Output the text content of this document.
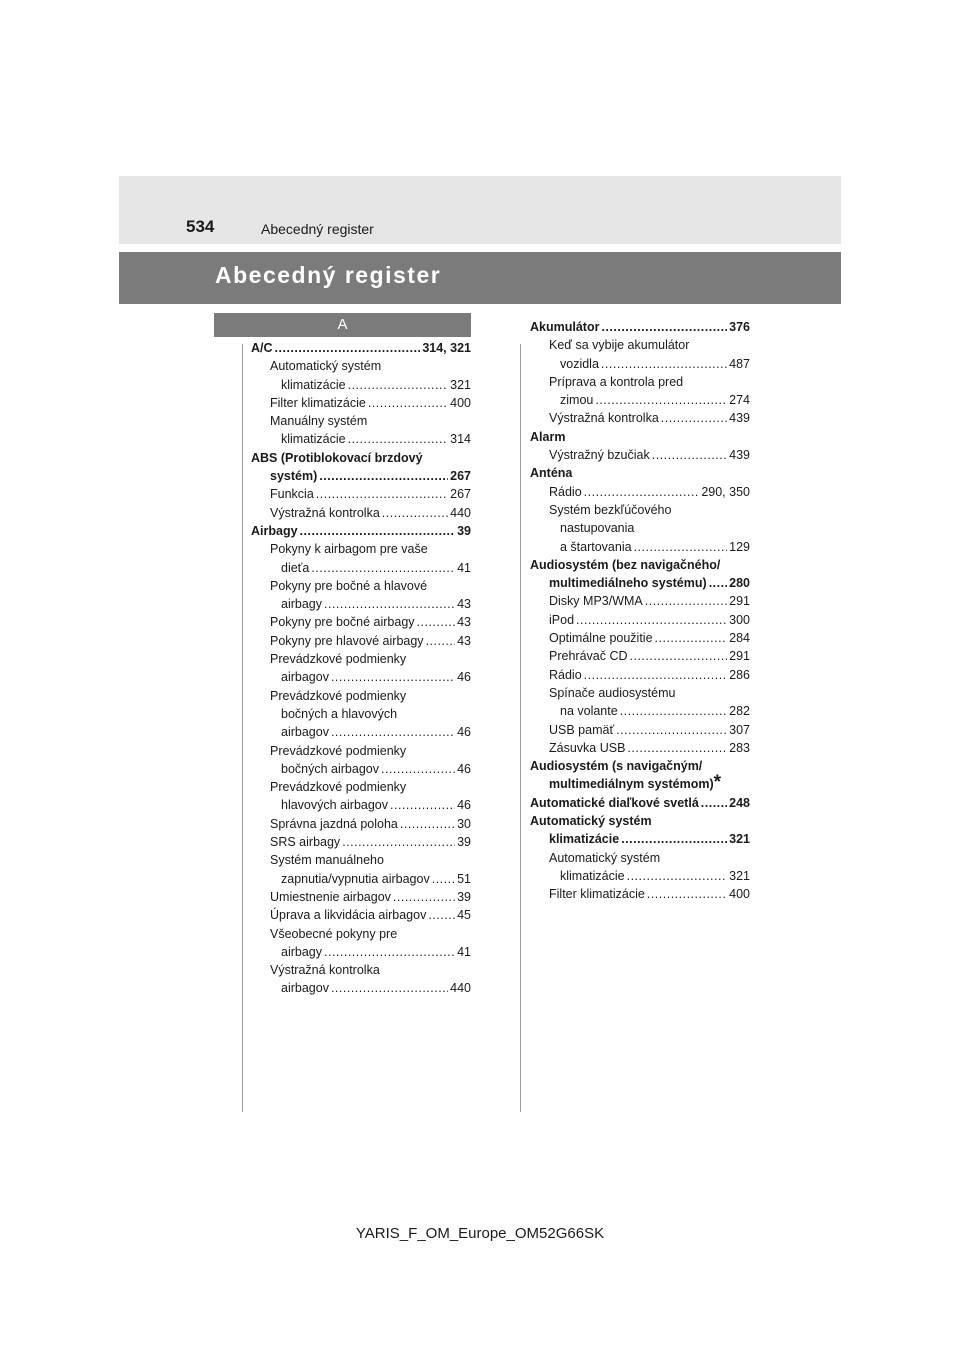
534	Abecedný register
Abecedný register
A
A/C .....	314, 321
Automatický systém
klimatizácie .....	321
Filter klimatizácie .....	400
Manuálny systém
klimatizácie .....	314
ABS (Protiblokovací brzdový
systém) .....	267
Funkcia .....	267
Výstražná kontrolka .....	440
Airbagy .....	39
Pokyny k airbagom pre vaše
dieťa .....	41
Pokyny pre bočné a hlavové
airbagy .....	43
Pokyny pre bočné airbagy .....	43
Pokyny pre hlavové airbagy .....	43
Prevádzkové podmienky
airbagov .....	46
Prevádzkové podmienky
bočných a hlavových
airbagov .....	46
Prevádzkové podmienky
bočných airbagov .....	46
Prevádzkové podmienky
hlavových airbagov .....	46
Správna jazdná poloha .....	30
SRS airbagy .....	39
Systém manuálneho
zapnutia/vypnutia airbagov ..... 51
Umiestnenie airbagov .....	39
Úprava a likvidácia airbagov ..... 45
Všeobecné pokyny pre
airbagy .....	41
Výstražná kontrolka
airbagov .....	440
Akumulátor .....	376
Keď sa vybije akumulátor
vozidla .....	487
Príprava a kontrola pred
zimou .....	274
Výstražná kontrolka .....	439
Alarm
Výstražný bzučiak .....	439
Anténa
Rádio .....	290, 350
Systém bezkľúčového
nastupovania
a štartovania .....	129
Audiosystém (bez navigačného/
multimediálneho systému) ..... 280
Disky MP3/WMA .....	291
iPod .....	300
Optimálne použitie .....	284
Prehrávač CD .....	291
Rádio .....	286
Spínače audiosystému
na volante .....	282
USB pamäť .....	307
Zásuvka USB .....	283
Audiosystém (s navigačným/
multimediálnym systémom) *
Automatické diaľkové svetlá ..... 248
Automatický systém
klimatizácie .....	321
Automatický systém
klimatizácie .....	321
Filter klimatizácie .....	400
YARIS_F_OM_Europe_OM52G66SK
